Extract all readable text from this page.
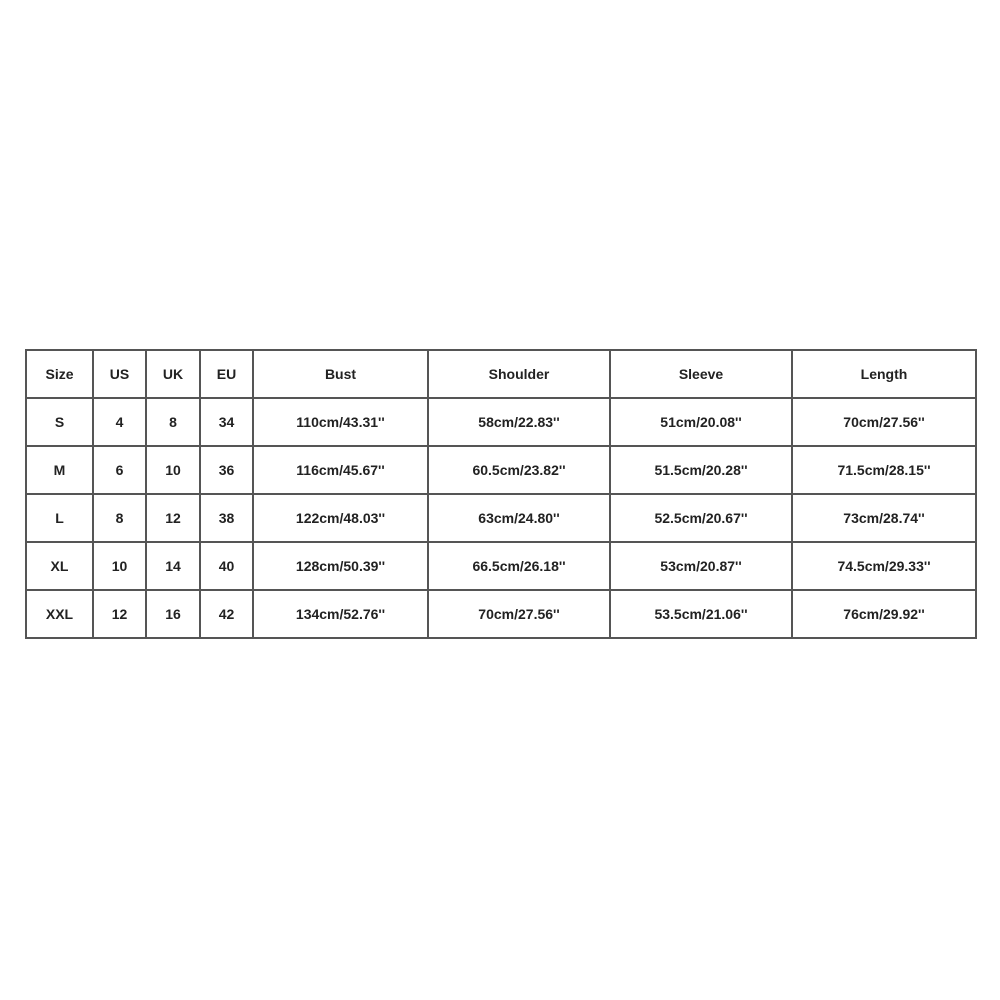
Size	US	UK	EU	Bust	Shoulder	Sleeve	Length
S	4	8	34	110cm/43.31''	58cm/22.83''	51cm/20.08''	70cm/27.56''
M	6	10	36	116cm/45.67''	60.5cm/23.82''	51.5cm/20.28''	71.5cm/28.15''
L	8	12	38	122cm/48.03''	63cm/24.80''	52.5cm/20.67''	73cm/28.74''
XL	10	14	40	128cm/50.39''	66.5cm/26.18''	53cm/20.87''	74.5cm/29.33''
XXL	12	16	42	134cm/52.76''	70cm/27.56''	53.5cm/21.06''	76cm/29.92''
